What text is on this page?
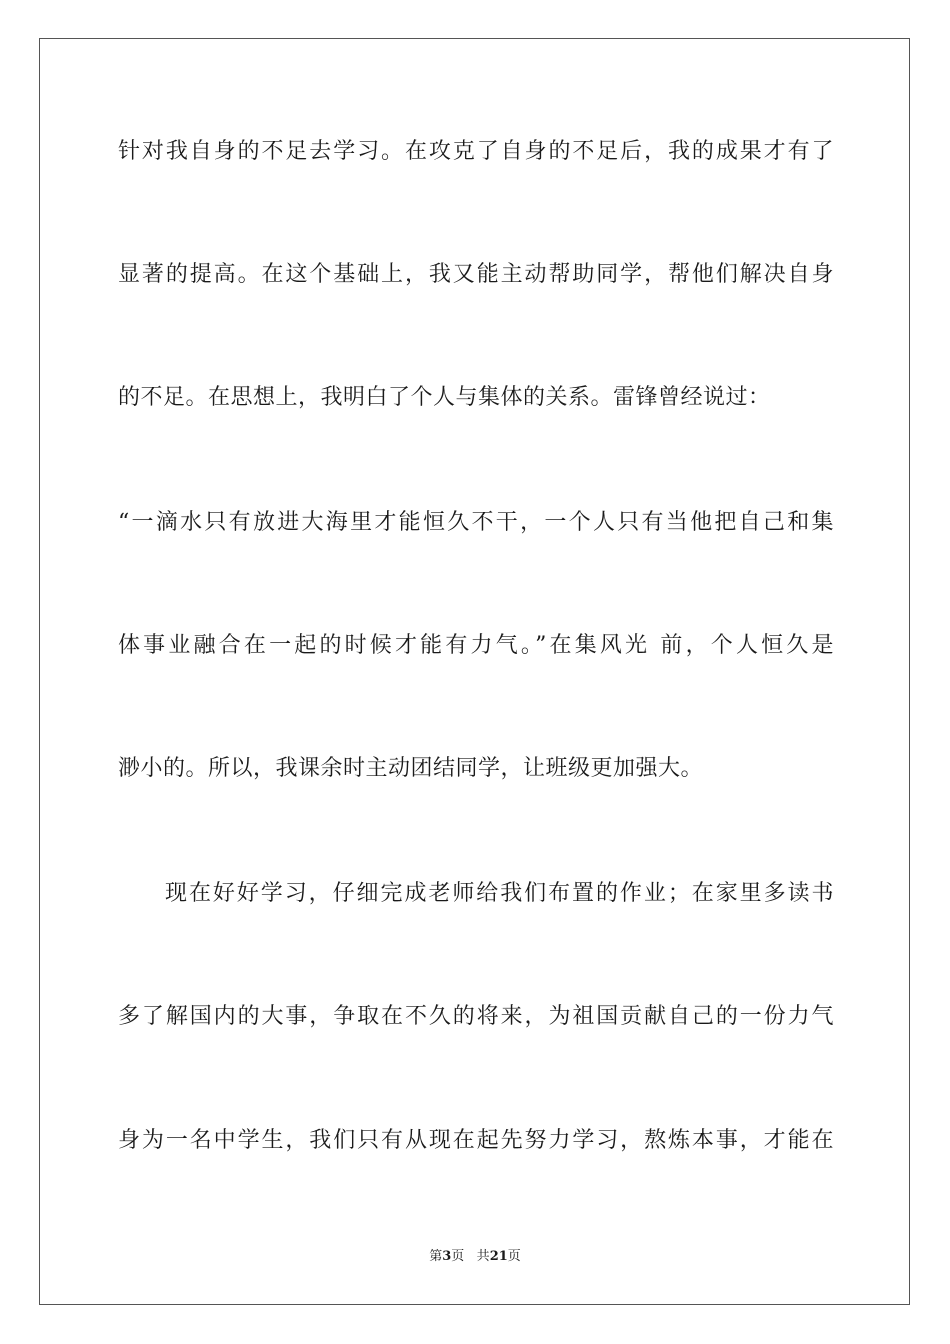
针对我自身的不足去学习。在攻克了自身的不足后，我的成果才有了
显著的提高。在这个基础上，我又能主动帮助同学，帮他们解决自身
的不足。在思想上，我明白了个人与集体的关系。雷锋曾经说过：
“一滴水只有放进大海里才能恒久不干，一个人只有当他把自己和集
体事业融合在一起的时候才能有力气。”在集风光 前，个人恒久是
渺小的。所以，我课余时主动团结同学，让班级更加强大。
现在好好学习，仔细完成老师给我们布置的作业；在家里多读书
多了解国内的大事，争取在不久的将来，为祖国贡献自己的一份力气
身为一名中学生，我们只有从现在起先努力学习，熬炼本事，才能在
第3页 共21页
